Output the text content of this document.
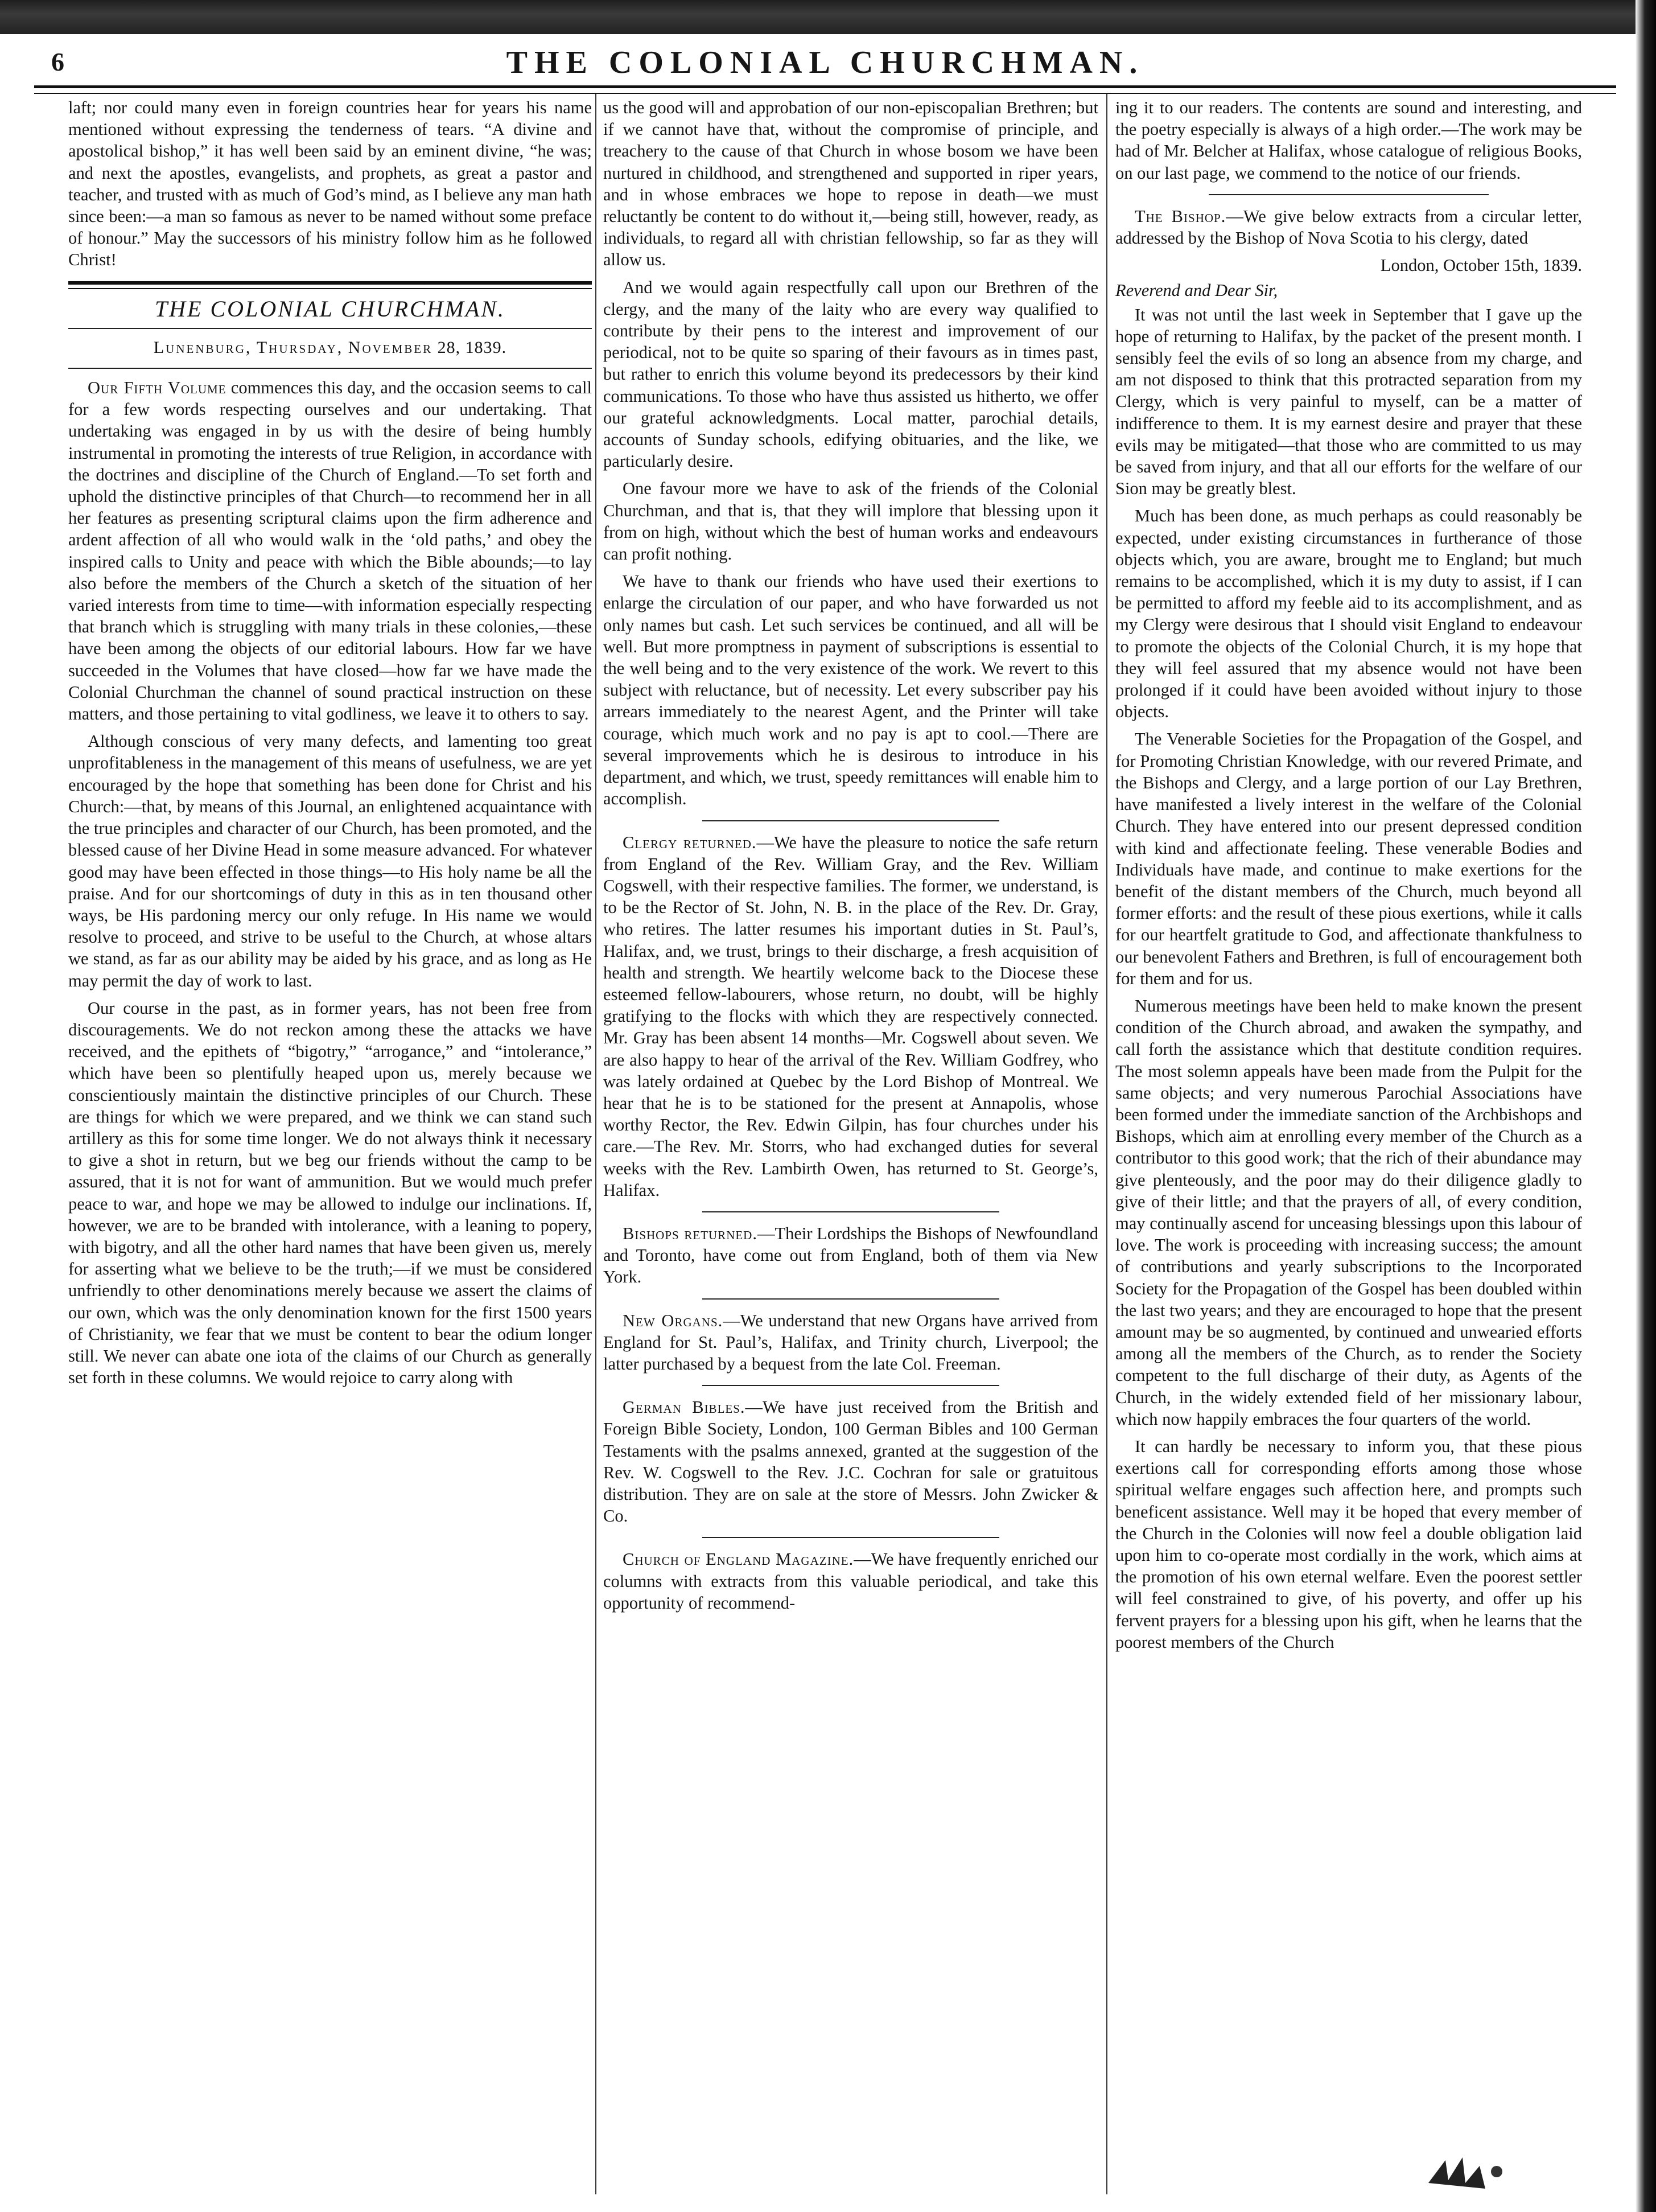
6	THE COLONIAL CHURCHMAN.

laft; nor could many even in foreign countries hear for years his name mentioned without expressing the tenderness of tears. “A divine and apostolical bishop,” it has well been said by an eminent divine, “he was; and next the apostles, evangelists, and prophets, as great a pastor and teacher, and trusted with as much of God’s mind, as I believe any man hath since been:—a man so famous as never to be named without some preface of honour.” May the successors of his ministry follow him as he followed Christ!

THE COLONIAL CHURCHMAN.
Lunenburg, Thursday, November 28, 1839.

Our Fifth Volume commences this day, and the occasion seems to call for a few words respecting ourselves and our undertaking. That undertaking was engaged in by us with the desire of being humbly instrumental in promoting the interests of true Religion, in accordance with the doctrines and discipline of the Church of England.—To set forth and uphold the distinctive principles of that Church—to recommend her in all her features as presenting scriptural claims upon the firm adherence and ardent affection of all who would walk in the ‘old paths,’ and obey the inspired calls to Unity and peace with which the Bible abounds;—to lay also before the members of the Church a sketch of the situation of her varied interests from time to time—with information especially respecting that branch which is struggling with many trials in these colonies,—these have been among the objects of our editorial labours. How far we have succeeded in the Volumes that have closed—how far we have made the Colonial Churchman the channel of sound practical instruction on these matters, and those pertaining to vital godliness, we leave it to others to say.

Although conscious of very many defects, and lamenting too great unprofitableness in the management of this means of usefulness, we are yet encouraged by the hope that something has been done for Christ and his Church:—that, by means of this Journal, an enlightened acquaintance with the true principles and character of our Church, has been promoted, and the blessed cause of her Divine Head in some measure advanced. For whatever good may have been effected in those things—to His holy name be all the praise. And for our shortcomings of duty in this as in ten thousand other ways, be His pardoning mercy our only refuge. In His name we would resolve to proceed, and strive to be useful to the Church, at whose altars we stand, as far as our ability may be aided by his grace, and as long as He may permit the day of work to last.

Our course in the past, as in former years, has not been free from discouragements. We do not reckon among these the attacks we have received, and the epithets of “bigotry,” “arrogance,” and “intolerance,” which have been so plentifully heaped upon us, merely because we conscientiously maintain the distinctive principles of our Church. These are things for which we were prepared, and we think we can stand such artillery as this for some time longer. We do not always think it necessary to give a shot in return, but we beg our friends without the camp to be assured, that it is not for want of ammunition. But we would much prefer peace to war, and hope we may be allowed to indulge our inclinations. If, however, we are to be branded with intolerance, with a leaning to popery, with bigotry, and all the other hard names that have been given us, merely for asserting what we believe to be the truth;—if we must be considered unfriendly to other denominations merely because we assert the claims of our own, which was the only denomination known for the first 1500 years of Christianity, we fear that we must be content to bear the odium longer still. We never can abate one iota of the claims of our Church as generally set forth in these columns. We would rejoice to carry along with

us the good will and approbation of our non-episcopalian Brethren; but if we cannot have that, without the compromise of principle, and treachery to the cause of that Church in whose bosom we have been nurtured in childhood, and strengthened and supported in riper years, and in whose embraces we hope to repose in death—we must reluctantly be content to do without it,—being still, however, ready, as individuals, to regard all with christian fellowship, so far as they will allow us.

And we would again respectfully call upon our Brethren of the clergy, and the many of the laity who are every way qualified to contribute by their pens to the interest and improvement of our periodical, not to be quite so sparing of their favours as in times past, but rather to enrich this volume beyond its predecessors by their kind communications. To those who have thus assisted us hitherto, we offer our grateful acknowledgments. Local matter, parochial details, accounts of Sunday schools, edifying obituaries, and the like, we particularly desire.

One favour more we have to ask of the friends of the Colonial Churchman, and that is, that they will implore that blessing upon it from on high, without which the best of human works and endeavours can profit nothing.

We have to thank our friends who have used their exertions to enlarge the circulation of our paper, and who have forwarded us not only names but cash. Let such services be continued, and all will be well. But more promptness in payment of subscriptions is essential to the well being and to the very existence of the work. We revert to this subject with reluctance, but of necessity. Let every subscriber pay his arrears immediately to the nearest Agent, and the Printer will take courage, which much work and no pay is apt to cool.—There are several improvements which he is desirous to introduce in his department, and which, we trust, speedy remittances will enable him to accomplish.

Clergy returned.—We have the pleasure to notice the safe return from England of the Rev. William Gray, and the Rev. William Cogswell, with their respective families. The former, we understand, is to be the Rector of St. John, N. B. in the place of the Rev. Dr. Gray, who retires. The latter resumes his important duties in St. Paul’s, Halifax, and, we trust, brings to their discharge, a fresh acquisition of health and strength. We heartily welcome back to the Diocese these esteemed fellow-labourers, whose return, no doubt, will be highly gratifying to the flocks with which they are respectively connected. Mr. Gray has been absent 14 months—Mr. Cogswell about seven. We are also happy to hear of the arrival of the Rev. William Godfrey, who was lately ordained at Quebec by the Lord Bishop of Montreal. We hear that he is to be stationed for the present at Annapolis, whose worthy Rector, the Rev. Edwin Gilpin, has four churches under his care.—The Rev. Mr. Storrs, who had exchanged duties for several weeks with the Rev. Lambirth Owen, has returned to St. George’s, Halifax.

Bishops returned.—Their Lordships the Bishops of Newfoundland and Toronto, have come out from England, both of them via New York.

New Organs.—We understand that new Organs have arrived from England for St. Paul’s, Halifax, and Trinity church, Liverpool; the latter purchased by a bequest from the late Col. Freeman.

German Bibles.—We have just received from the British and Foreign Bible Society, London, 100 German Bibles and 100 German Testaments with the psalms annexed, granted at the suggestion of the Rev. W. Cogswell to the Rev. J.C. Cochran for sale or gratuitous distribution. They are on sale at the store of Messrs. John Zwicker & Co.

Church of England Magazine.—We have frequently enriched our columns with extracts from this valuable periodical, and take this opportunity of recommend-

ing it to our readers. The contents are sound and interesting, and the poetry especially is always of a high order.—The work may be had of Mr. Belcher at Halifax, whose catalogue of religious Books, on our last page, we commend to the notice of our friends.

The Bishop.—We give below extracts from a circular letter, addressed by the Bishop of Nova Scotia to his clergy, dated

London, October 15th, 1839.
Reverend and Dear Sir,

It was not until the last week in September that I gave up the hope of returning to Halifax, by the packet of the present month. I sensibly feel the evils of so long an absence from my charge, and am not disposed to think that this protracted separation from my Clergy, which is very painful to myself, can be a matter of indifference to them. It is my earnest desire and prayer that these evils may be mitigated—that those who are committed to us may be saved from injury, and that all our efforts for the welfare of our Sion may be greatly blest.

Much has been done, as much perhaps as could reasonably be expected, under existing circumstances in furtherance of those objects which, you are aware, brought me to England; but much remains to be accomplished, which it is my duty to assist, if I can be permitted to afford my feeble aid to its accomplishment, and as my Clergy were desirous that I should visit England to endeavour to promote the objects of the Colonial Church, it is my hope that they will feel assured that my absence would not have been prolonged if it could have been avoided without injury to those objects.

The Venerable Societies for the Propagation of the Gospel, and for Promoting Christian Knowledge, with our revered Primate, and the Bishops and Clergy, and a large portion of our Lay Brethren, have manifested a lively interest in the welfare of the Colonial Church. They have entered into our present depressed condition with kind and affectionate feeling. These venerable Bodies and Individuals have made, and continue to make exertions for the benefit of the distant members of the Church, much beyond all former efforts: and the result of these pious exertions, while it calls for our heartfelt gratitude to God, and affectionate thankfulness to our benevolent Fathers and Brethren, is full of encouragement both for them and for us.

Numerous meetings have been held to make known the present condition of the Church abroad, and awaken the sympathy, and call forth the assistance which that destitute condition requires. The most solemn appeals have been made from the Pulpit for the same objects; and very numerous Parochial Associations have been formed under the immediate sanction of the Archbishops and Bishops, which aim at enrolling every member of the Church as a contributor to this good work; that the rich of their abundance may give plenteously, and the poor may do their diligence gladly to give of their little; and that the prayers of all, of every condition, may continually ascend for unceasing blessings upon this labour of love. The work is proceeding with increasing success; the amount of contributions and yearly subscriptions to the Incorporated Society for the Propagation of the Gospel has been doubled within the last two years; and they are encouraged to hope that the present amount may be so augmented, by continued and unwearied efforts among all the members of the Church, as to render the Society competent to the full discharge of their duty, as Agents of the Church, in the widely extended field of her missionary labour, which now happily embraces the four quarters of the world.

It can hardly be necessary to inform you, that these pious exertions call for corresponding efforts among those whose spiritual welfare engages such affection here, and prompts such beneficent assistance. Well may it be hoped that every member of the Church in the Colonies will now feel a double obligation laid upon him to co-operate most cordially in the work, which aims at the promotion of his own eternal welfare. Even the poorest settler will feel constrained to give, of his poverty, and offer up his fervent prayers for a blessing upon his gift, when he learns that the poorest members of the Church
